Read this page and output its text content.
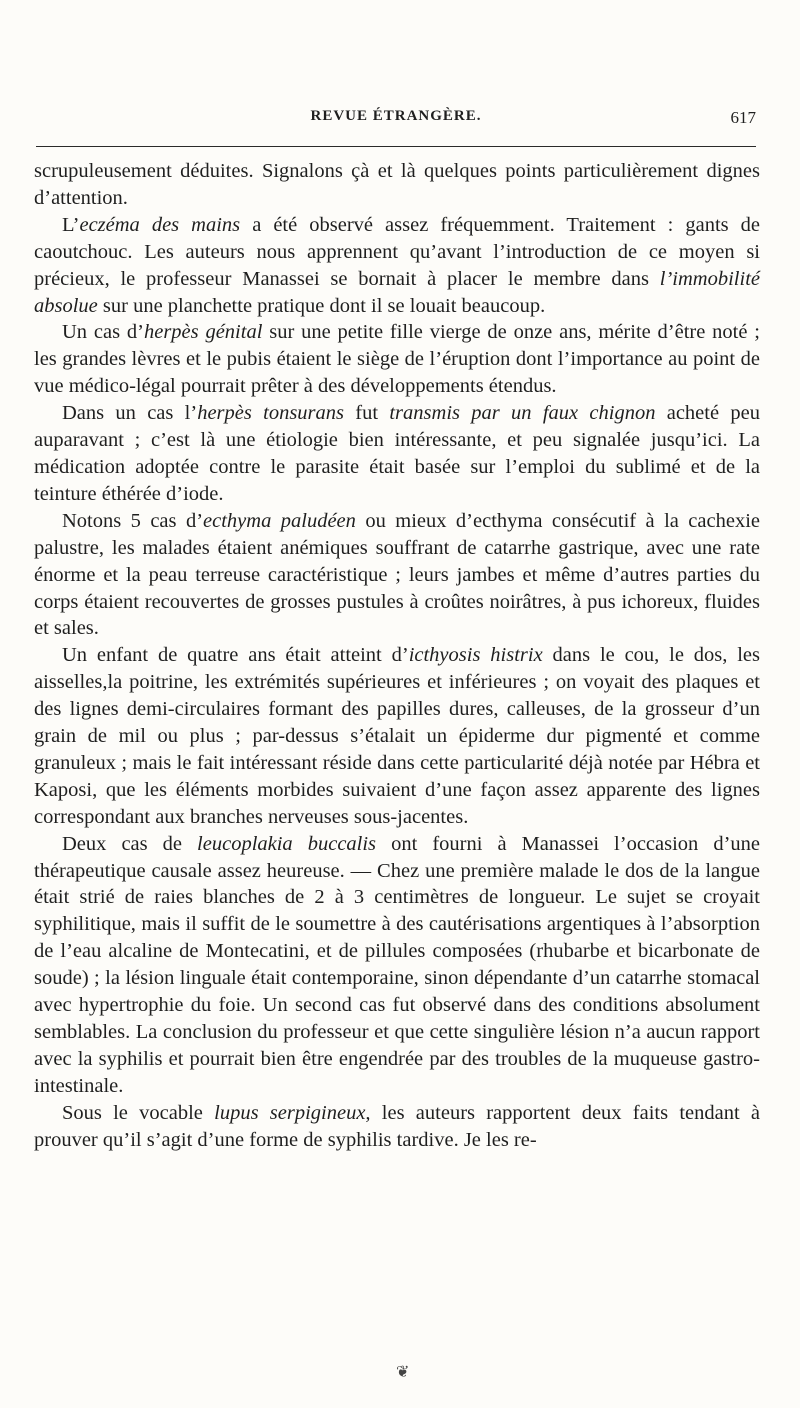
REVUE ÉTRANGÈRE.	617

scrupuleusement déduites. Signalons çà et là quelques points particulièrement dignes d’attention.

L’eczéma des mains a été observé assez fréquemment. Traitement : gants de caoutchouc. Les auteurs nous apprennent qu’avant l’introduction de ce moyen si précieux, le professeur Manassei se bornait à placer le membre dans l’immobilité absolue sur une planchette pratique dont il se louait beaucoup.

Un cas d’herpès génital sur une petite fille vierge de onze ans, mérite d’être noté ; les grandes lèvres et le pubis étaient le siège de l’éruption dont l’importance au point de vue médico-légal pourrait prêter à des développements étendus.

Dans un cas l’herpès tonsurans fut transmis par un faux chignon acheté peu auparavant ; c’est là une étiologie bien intéressante, et peu signalée jusqu’ici. La médication adoptée contre le parasite était basée sur l’emploi du sublimé et de la teinture éthérée d’iode.

Notons 5 cas d’ecthyma paludéen ou mieux d’ecthyma consécutif à la cachexie palustre, les malades étaient anémiques souffrant de catarrhe gastrique, avec une rate énorme et la peau terreuse caractéristique ; leurs jambes et même d’autres parties du corps étaient recouvertes de grosses pustules à croûtes noirâtres, à pus ichoreux, fluides et sales.

Un enfant de quatre ans était atteint d’icthyosis histrix dans le cou, le dos, les aisselles,la poitrine, les extrémités supérieures et inférieures ; on voyait des plaques et des lignes demi-circulaires formant des papilles dures, calleuses, de la grosseur d’un grain de mil ou plus ; par-dessus s’étalait un épiderme dur pigmenté et comme granuleux ; mais le fait intéressant réside dans cette particularité déjà notée par Hébra et Kaposi, que les éléments morbides suivaient d’une façon assez apparente des lignes correspondant aux branches nerveuses sous-jacentes.

Deux cas de leucoplakia buccalis ont fourni à Manassei l’occasion d’une thérapeutique causale assez heureuse. — Chez une première malade le dos de la langue était strié de raies blanches de 2 à 3 centimètres de longueur. Le sujet se croyait syphilitique, mais il suffit de le soumettre à des cautérisations argentiques à l’absorption de l’eau alcaline de Montecatini, et de pillules composées (rhubarbe et bicarbonate de soude) ; la lésion linguale était contemporaine, sinon dépendante d’un catarrhe stomacal avec hypertrophie du foie. Un second cas fut observé dans des conditions absolument semblables. La conclusion du professeur et que cette singulière lésion n’a aucun rapport avec la syphilis et pourrait bien être engendrée par des troubles de la muqueuse gastro-intestinale.

Sous le vocable lupus serpigineux, les auteurs rapportent deux faits tendant à prouver qu’il s’agit d’une forme de syphilis tardive. Je les re-

❦
